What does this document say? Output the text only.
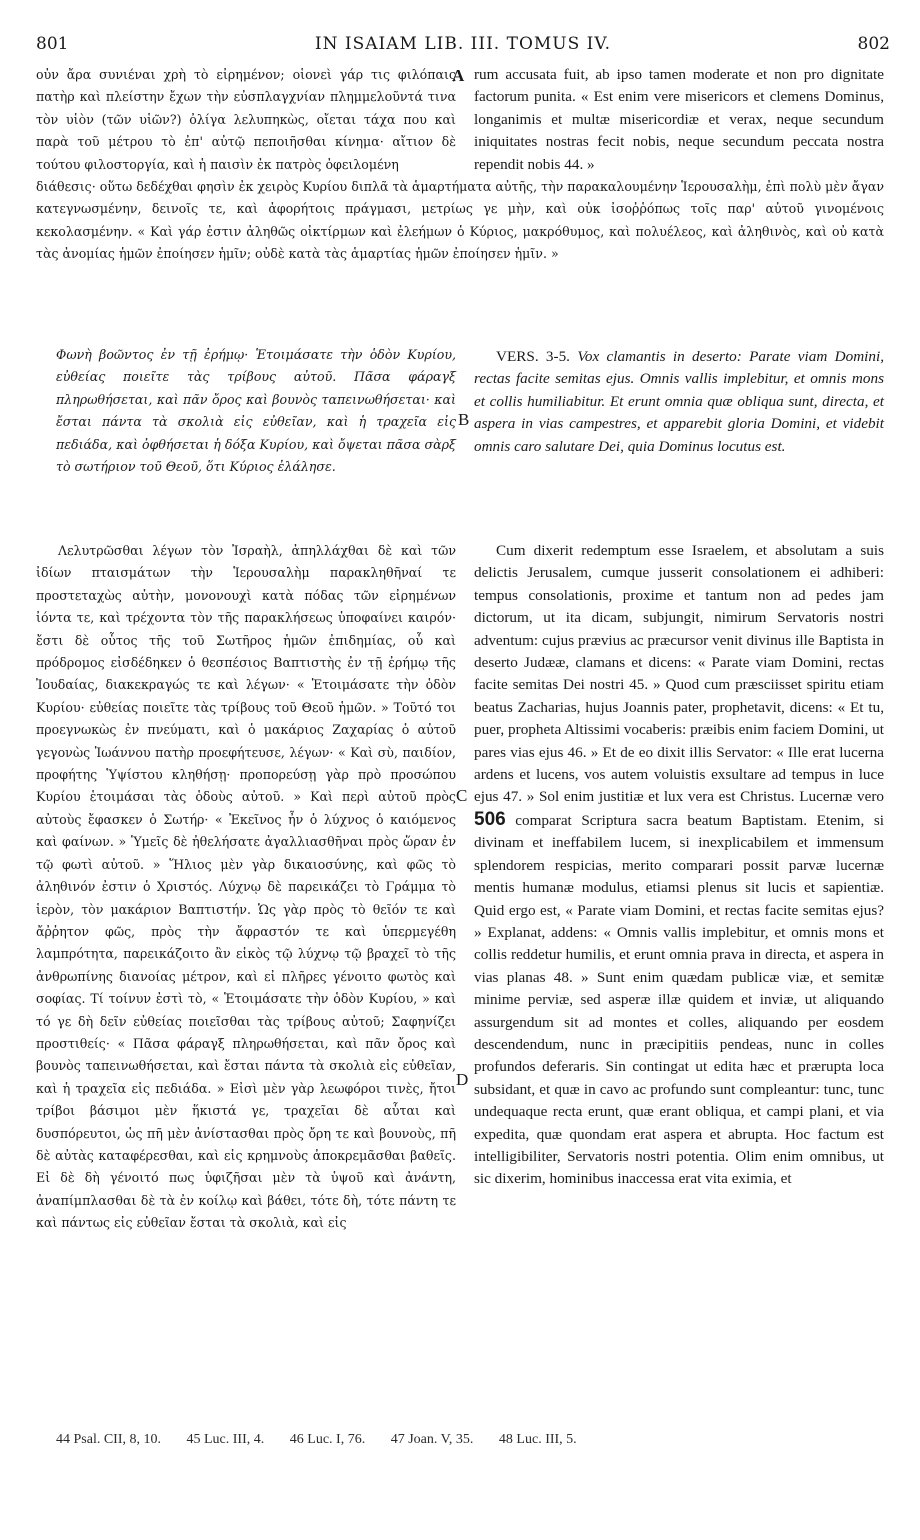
801	IN ISAIAM LIB. III. TOMUS IV.	802

οὐν ἄρα συνιέναι χρὴ τὸ εἰρημένον; οἱονεὶ γάρ τις φιλόπαις πατὴρ καὶ πλείστην ἔχων τὴν εὐσπλαγχνίαν πλημμελοῦντά τινα τὸν υἱὸν (τῶν υἱῶν?) ὀλίγα λελυπηκὼς, οἴεται τάχα που καὶ παρὰ τοῦ μέτρου τὸ ἐπ' αὐτῷ πεποιῆσθαι κίνημα· αἴτιον δὲ τούτου φιλοστοργία, καὶ ἡ παισὶν ἐκ πατρὸς ὀφειλομένη

A rum accusata fuit, ab ipso tamen moderate et non pro dignitate factorum punita. « Est enim vere misericors et clemens Dominus, longanimis et multæ misericordiæ et verax, neque secundum iniquitates nostras fecit nobis, neque secundum peccata nostra rependit nobis 44. »

διάθεσις· οὕτω δεδέχθαι φησὶν ἐκ χειρὸς Κυρίου διπλᾶ τὰ ἁμαρτήματα αὐτῆς, τὴν παρακαλουμένην Ἱερουσαλὴμ, ἐπὶ πολὺ μὲν ἄγαν κατεγνωσμένην, δεινοῖς τε, καὶ ἀφορήτοις πράγμασι, μετρίως γε μὴν, καὶ οὐκ ἰσοῤῥόπως τοῖς παρ' αὐτοῦ γινομένοις κεκολασμένην. « Καὶ γάρ ἐστιν ἀληθῶς οἰκτίρμων καὶ ἐλεήμων ὁ Κύριος, μακρόθυμος, καὶ πολυέλεος, καὶ ἀληθινὸς, καὶ οὐ κατὰ τὰς ἀνομίας ἡμῶν ἐποίησεν ἡμῖν; οὐδὲ κατὰ τὰς ἁμαρτίας ἡμῶν ἐποίησεν ἡμῖν. »

Φωνὴ βοῶντος ἐν τῇ ἐρήμῳ· Ἑτοιμάσατε τὴν ὁδὸν Κυρίου, εὐθείας ποιεῖτε τὰς τρίβους αὐτοῦ. Πᾶσα φάραγξ πληρωθήσεται, καὶ πᾶν ὄρος καὶ βουνὸς ταπεινωθήσεται· καὶ ἔσται πάντα τὰ σκολιὰ εἰς εὐθεῖαν, καὶ ἡ τραχεῖα εἰς πεδιάδα, καὶ ὀφθήσεται ἡ δόξα Κυρίου, καὶ ὄψεται πᾶσα σὰρξ τὸ σωτήριον τοῦ Θεοῦ, ὅτι Κύριος ἐλάλησε.

B

VERS. 3-5. Vox clamantis in deserto: Parate viam Domini, rectas facite semitas ejus. Omnis vallis implebitur, et omnis mons et collis humiliabitur. Et erunt omnia quæ obliqua sunt, directa, et aspera in vias campestres, et apparebit gloria Domini, et videbit omnis caro salutare Dei, quia Dominus locutus est.

Λελυτρῶσθαι λέγων τὸν Ἰσραὴλ, ἀπηλλάχθαι δὲ καὶ τῶν ἰδίων πταισμάτων τὴν Ἱερουσαλὴμ παρακληθῆναί τε προστεταχὼς αὐτὴν, μονονουχὶ κατὰ πόδας τῶν εἰρημένων ἰόντα τε, καὶ τρέχοντα τὸν τῆς παρακλήσεως ὑποφαίνει καιρόν· ἔστι δὲ οὗτος τῆς τοῦ Σωτῆρος ἡμῶν ἐπιδημίας, οὗ καὶ πρόδρομος εἰσδέδηκεν ὁ θεσπέσιος Βαπτιστὴς ἐν τῇ ἐρήμῳ τῆς Ἰουδαίας, διακεκραγώς τε καὶ λέγων· « Ἑτοιμάσατε τὴν ὁδὸν Κυρίου· εὐθείας ποιεῖτε τὰς τρίβους τοῦ Θεοῦ ἡμῶν. » Τοῦτό τοι προεγνωκὼς ἐν πνεύματι, καὶ ὁ μακάριος Ζαχαρίας ὁ αὐτοῦ γεγονὼς Ἰωάννου πατὴρ προεφήτευσε, λέγων· « Καὶ σὺ, παιδίον, προφήτης Ὑψίστου κληθήσῃ· προπορεύσῃ γὰρ πρὸ προσώπου Κυρίου ἑτοιμάσαι τὰς ὁδοὺς αὐτοῦ. » Καὶ περὶ αὐτοῦ πρὸς αὐτοὺς ἔφασκεν ὁ Σωτήρ· « Ἐκεῖνος ἦν ὁ λύχνος ὁ καιόμενος καὶ φαίνων. » Ὑμεῖς δὲ ἠθελήσατε ἀγαλλιασθῆναι πρὸς ὥραν ἐν τῷ φωτὶ αὐτοῦ. » Ἥλιος μὲν γὰρ δικαιοσύνης, καὶ φῶς τὸ ἀληθινόν ἐστιν ὁ Χριστός. Λύχνῳ δὲ παρεικάζει τὸ Γράμμα τὸ ἱερὸν, τὸν μακάριον Βαπτιστήν. Ὡς γὰρ πρὸς τὸ θεῖόν τε καὶ ἄῤῥητον φῶς, πρὸς τὴν ἄφραστόν τε καὶ ὑπερμεγέθη λαμπρότητα, παρεικάζοιτο ἂν εἰκὸς τῷ λύχνῳ τῷ βραχεῖ τὸ τῆς ἀνθρωπίνης διανοίας μέτρον, καὶ εἰ πλῆρες γένοιτο φωτὸς καὶ σοφίας. Τί τοίνυν ἐστὶ τὸ, « Ἑτοιμάσατε τὴν ὁδὸν Κυρίου, » καὶ τό γε δὴ δεῖν εὐθείας ποιεῖσθαι τὰς τρίβους αὐτοῦ; Σαφηνίζει προστιθείς· « Πᾶσα φάραγξ πληρωθήσεται, καὶ πᾶν ὄρος καὶ βουνὸς ταπεινωθήσεται, καὶ ἔσται πάντα τὰ σκολιὰ εἰς εὐθεῖαν, καὶ ἡ τραχεῖα εἰς πεδιάδα. » Εἰσὶ μὲν γὰρ λεωφόροι τινὲς, ἤτοι τρίβοι βάσιμοι μὲν ἥκιστά γε, τραχεῖαι δὲ αὗται καὶ δυσπόρευτοι, ὡς πῆ μὲν ἀνίστασθαι πρὸς ὄρη τε καὶ βουνοὺς, πῆ δὲ αὐτὰς καταφέρεσθαι, καὶ εἰς κρημνοὺς ἀποκρεμᾶσθαι βαθεῖς. Εἰ δὲ δὴ γένοιτό πως ὑφιζῆσαι μὲν τὰ ὑψοῦ καὶ ἀνάντη, ἀναπίμπλασθαι δὲ τὰ ἐν κοίλῳ καὶ βάθει, τότε δὴ, τότε πάντη τε καὶ πάντως εἰς εὐθεῖαν ἔσται τὰ σκολιὰ, καὶ εἰς

C
D

Cum dixerit redemptum esse Israelem, et absolutam a suis delictis Jerusalem, cumque jusserit consolationem ei adhiberi: tempus consolationis, proxime et tantum non ad pedes jam dictorum, ut ita dicam, subjungit, nimirum Servatoris nostri adventum: cujus prævius ac præcursor venit divinus ille Baptista in deserto Judææ, clamans et dicens: « Parate viam Domini, rectas facite semitas Dei nostri 45. » Quod cum præsciisset spiritu etiam beatus Zacharias, hujus Joannis pater, prophetavit, dicens: « Et tu, puer, propheta Altissimi vocaberis: præibis enim faciem Domini, ut pares vias ejus 46. » Et de eo dixit illis Servator: « Ille erat lucerna ardens et lucens, vos autem voluistis exsultare ad tempus in luce ejus 47. » Sol enim justitiæ et lux vera est Christus. Lucernæ vero 506 comparat Scriptura sacra beatum Baptistam. Etenim, si divinam et ineffabilem lucem, si inexplicabilem et immensum splendorem respicias, merito comparari possit parvæ lucernæ mentis humanæ modulus, etiamsi plenus sit lucis et sapientiæ. Quid ergo est, « Parate viam Domini, et rectas facite semitas ejus? » Explanat, addens: « Omnis vallis implebitur, et omnis mons et collis reddetur humilis, et erunt omnia prava in directa, et aspera in vias planas 48. » Sunt enim quædam publicæ viæ, et semitæ minime perviæ, sed asperæ illæ quidem et inviæ, ut aliquando assurgendum sit ad montes et colles, aliquando per eosdem descendendum, nunc in præcipitiis pendeas, nunc in colles profundos deferaris. Sin contingat ut edita hæc et prærupta loca subsidant, et quæ in cavo ac profundo sunt compleantur: tunc, tunc undequaque recta erunt, quæ erant obliqua, et campi plani, et via expedita, quæ quondam erat aspera et abrupta. Hoc factum est intelligibiliter, Servatoris nostri potentia. Olim enim omnibus, ut sic dixerim, hominibus inaccessa erat vita eximia, et

44 Psal. CII, 8, 10. 45 Luc. III, 4. 46 Luc. I, 76. 47 Joan. V, 35. 48 Luc. III, 5.
